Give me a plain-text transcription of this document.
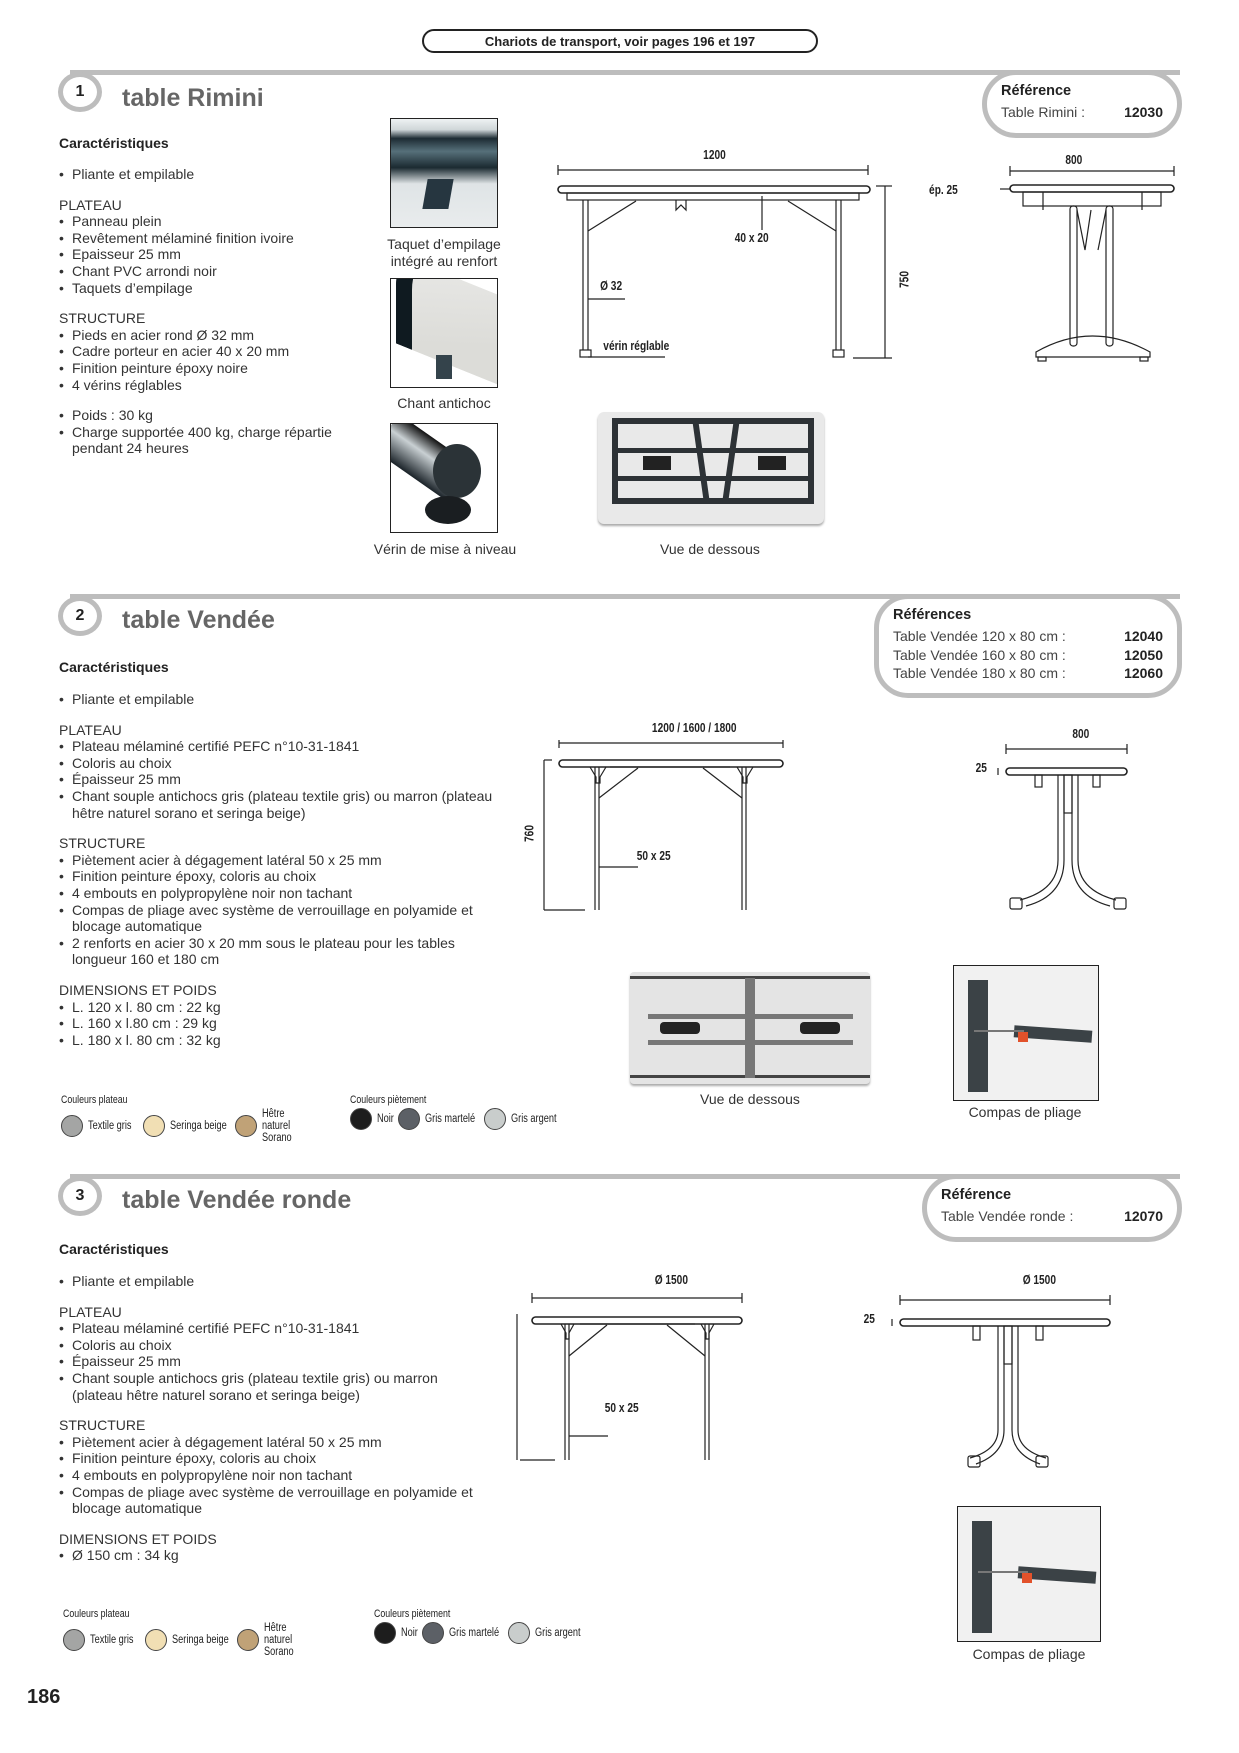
Chariots de transport, voir pages 196 et 197
1	table Rimini	Référence
Table Rimini :	12030
Caractéristiques
• Pliante et empilable
PLATEAU
• Panneau plein
• Revêtement mélaminé finition ivoire
• Epaisseur 25 mm
• Chant PVC arrondi noir
• Taquets d’empilage
STRUCTURE
• Pieds en acier rond Ø 32 mm
• Cadre porteur en acier 40 x 20 mm
• Finition peinture époxy noire
• 4 vérins réglables
• Poids : 30 kg
• Charge supportée 400 kg, charge répartie pendant 24 heures
Taquet d’empilage intégré au renfort
Chant antichoc
Vérin de mise à niveau
1200
40 x 20
Ø 32
vérin réglable
750
800
ép. 25
Vue de dessous
2	table Vendée	Références
Table Vendée 120 x 80 cm :	12040
Table Vendée 160 x 80 cm :	12050
Table Vendée 180 x 80 cm :	12060
Caractéristiques
• Pliante et empilable
PLATEAU
• Plateau mélaminé certifié PEFC n°10-31-1841
• Coloris au choix
• Épaisseur 25 mm
• Chant souple antichocs gris (plateau textile gris) ou marron (plateau hêtre naturel sorano et seringa beige)
STRUCTURE
• Piètement acier à dégagement latéral 50 x 25 mm
• Finition peinture époxy, coloris au choix
• 4 embouts en polypropylène noir non tachant
• Compas de pliage avec système de verrouillage en polyamide et blocage automatique
• 2 renforts en acier 30 x 20 mm sous le plateau pour les tables longueur 160 et 180 cm
DIMENSIONS ET POIDS
• L. 120 x l. 80 cm : 22 kg
• L. 160 x l.80 cm : 29 kg
• L. 180 x l. 80 cm : 32 kg
Couleurs plateau
Textile gris	Seringa beige
Hêtre naturel Sorano
Couleurs piètement
Noir	Gris martelé	Gris argent
1200 / 1600 / 1800
50 x 25
760
800
25
Vue de dessous
Compas de pliage
3	table Vendée ronde	Référence
Table Vendée ronde :	12070
Caractéristiques
• Pliante et empilable
PLATEAU
• Plateau mélaminé certifié PEFC n°10-31-1841
• Coloris au choix
• Épaisseur 25 mm
• Chant souple antichocs gris (plateau textile gris) ou marron (plateau hêtre naturel sorano et seringa beige)
STRUCTURE
• Piètement acier à dégagement latéral 50 x 25 mm
• Finition peinture époxy, coloris au choix
• 4 embouts en polypropylène noir non tachant
• Compas de pliage avec système de verrouillage en polyamide et blocage automatique
DIMENSIONS ET POIDS
• Ø 150 cm : 34 kg
Couleurs plateau
Textile gris	Seringa beige
Hêtre naturel Sorano
Couleurs piètement
Noir	Gris martelé	Gris argent
Ø 1500
50 x 25
Ø 1500
25
Compas de pliage
186
